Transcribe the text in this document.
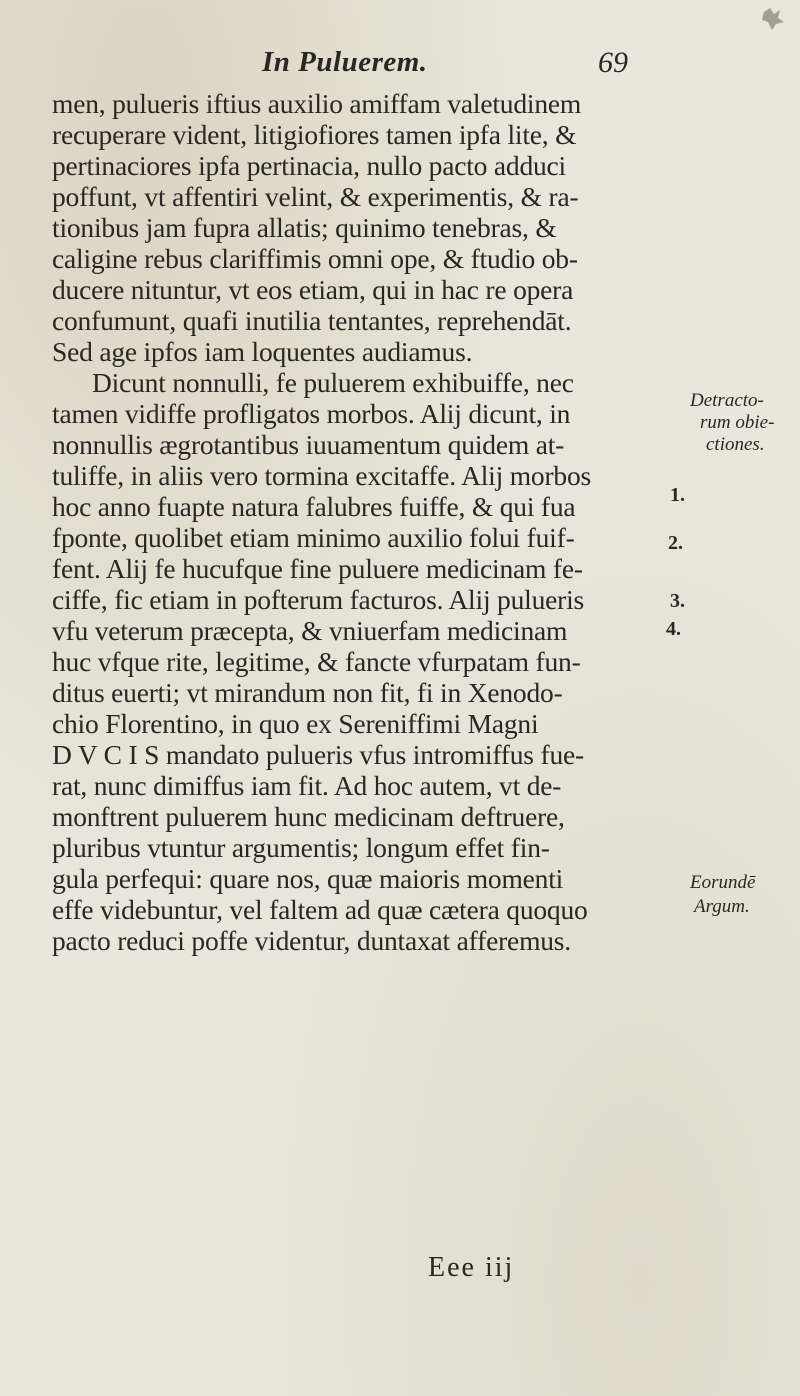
In Puluerem.	69
men, pulueris iftius auxilio amiffam valetudinem
recuperare vident, litigiofiores tamen ipfa lite, &
pertinaciores ipfa pertinacia, nullo pacto adduci
poffunt, vt affentiri velint, & experimentis, & ra-
tionibus jam fupra allatis; quinimo tenebras, &
caligine rebus clariffimis omni ope, & ftudio ob-
ducere nituntur, vt eos etiam, qui in hac re opera
confumunt, quafi inutilia tentantes, reprehendāt.
Sed age ipfos iam loquentes audiamus.
Dicunt nonnulli, fe puluerem exhibuiffe, nec
tamen vidiffe profligatos morbos. Alij dicunt, in
nonnullis ægrotantibus iuuamentum quidem at-
tuliffe, in aliis vero tormina excitaffe. Alij morbos
hoc anno fuapte natura falubres fuiffe, & qui fua
fponte, quolibet etiam minimo auxilio folui fuif-
fent. Alij fe hucufque fine puluere medicinam fe-
ciffe, fic etiam in pofterum facturos. Alij pulueris
vfu veterum præcepta, & vniuerfam medicinam
huc vfque rite, legitime, & fancte vfurpatam fun-
ditus euerti; vt mirandum non fit, fi in Xenodo-
chio Florentino, in quo ex Sereniffimi Magni
D V C I S mandato pulueris vfus intromiffus fue-
rat, nunc dimiffus iam fit. Ad hoc autem, vt de-
monftrent puluerem hunc medicinam deftruere,
pluribus vtuntur argumentis; longum effet fin-
gula perfequi: quare nos, quæ maioris momenti
effe videbuntur, vel faltem ad quæ cætera quoquo
pacto reduci poffe videntur, duntaxat afferemus.
Detracto-
rum obie-
ctiones.
1.
2.
3.
4.
Eorundē
Argum.
Eee iij
